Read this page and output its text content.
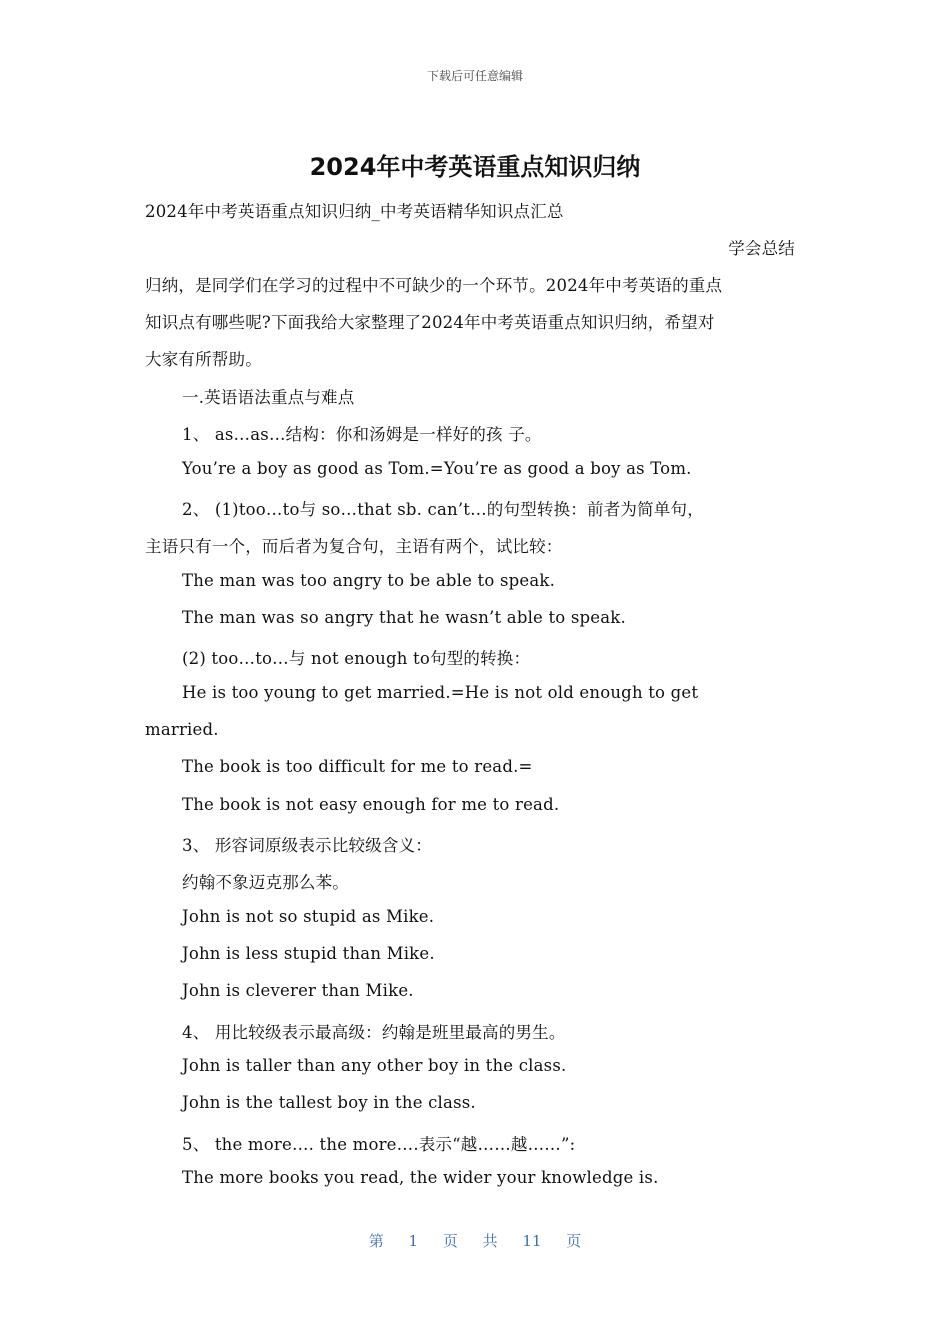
下载后可任意编辑
2024年中考英语重点知识归纳
2024年中考英语重点知识归纳_中考英语精华知识点汇总
学会总结
归纳，是同学们在学习的过程中不可缺少的一个环节。2024年中考英语的重点
知识点有哪些呢?下面我给大家整理了2024年中考英语重点知识归纳，希望对
大家有所帮助。
一.英语语法重点与难点
1、 as…as…结构：你和汤姆是一样好的孩 子。
You’re a boy as good as Tom.=You’re as good a boy as Tom.
2、 (1)too…to与 so…that sb. can’t…的句型转换：前者为简单句，
主语只有一个，而后者为复合句，主语有两个，试比较：
The man was too angry to be able to speak.
The man was so angry that he wasn’t able to speak.
(2) too…to…与 not enough to句型的转换：
He is too young to get married.=He is not old enough to get
married.
The book is too difficult for me to read.=
The book is not easy enough for me to read.
3、 形容词原级表示比较级含义：
约翰不象迈克那么苯。
John is not so stupid as Mike.
John is less stupid than Mike.
John is cleverer than Mike.
4、 用比较级表示最高级：约翰是班里最高的男生。
John is taller than any other boy in the class.
John is the tallest boy in the class.
5、 the more…. the more….表示“越……越……”:
The more books you read, the wider your knowledge is.
第 1 页 共 11 页
